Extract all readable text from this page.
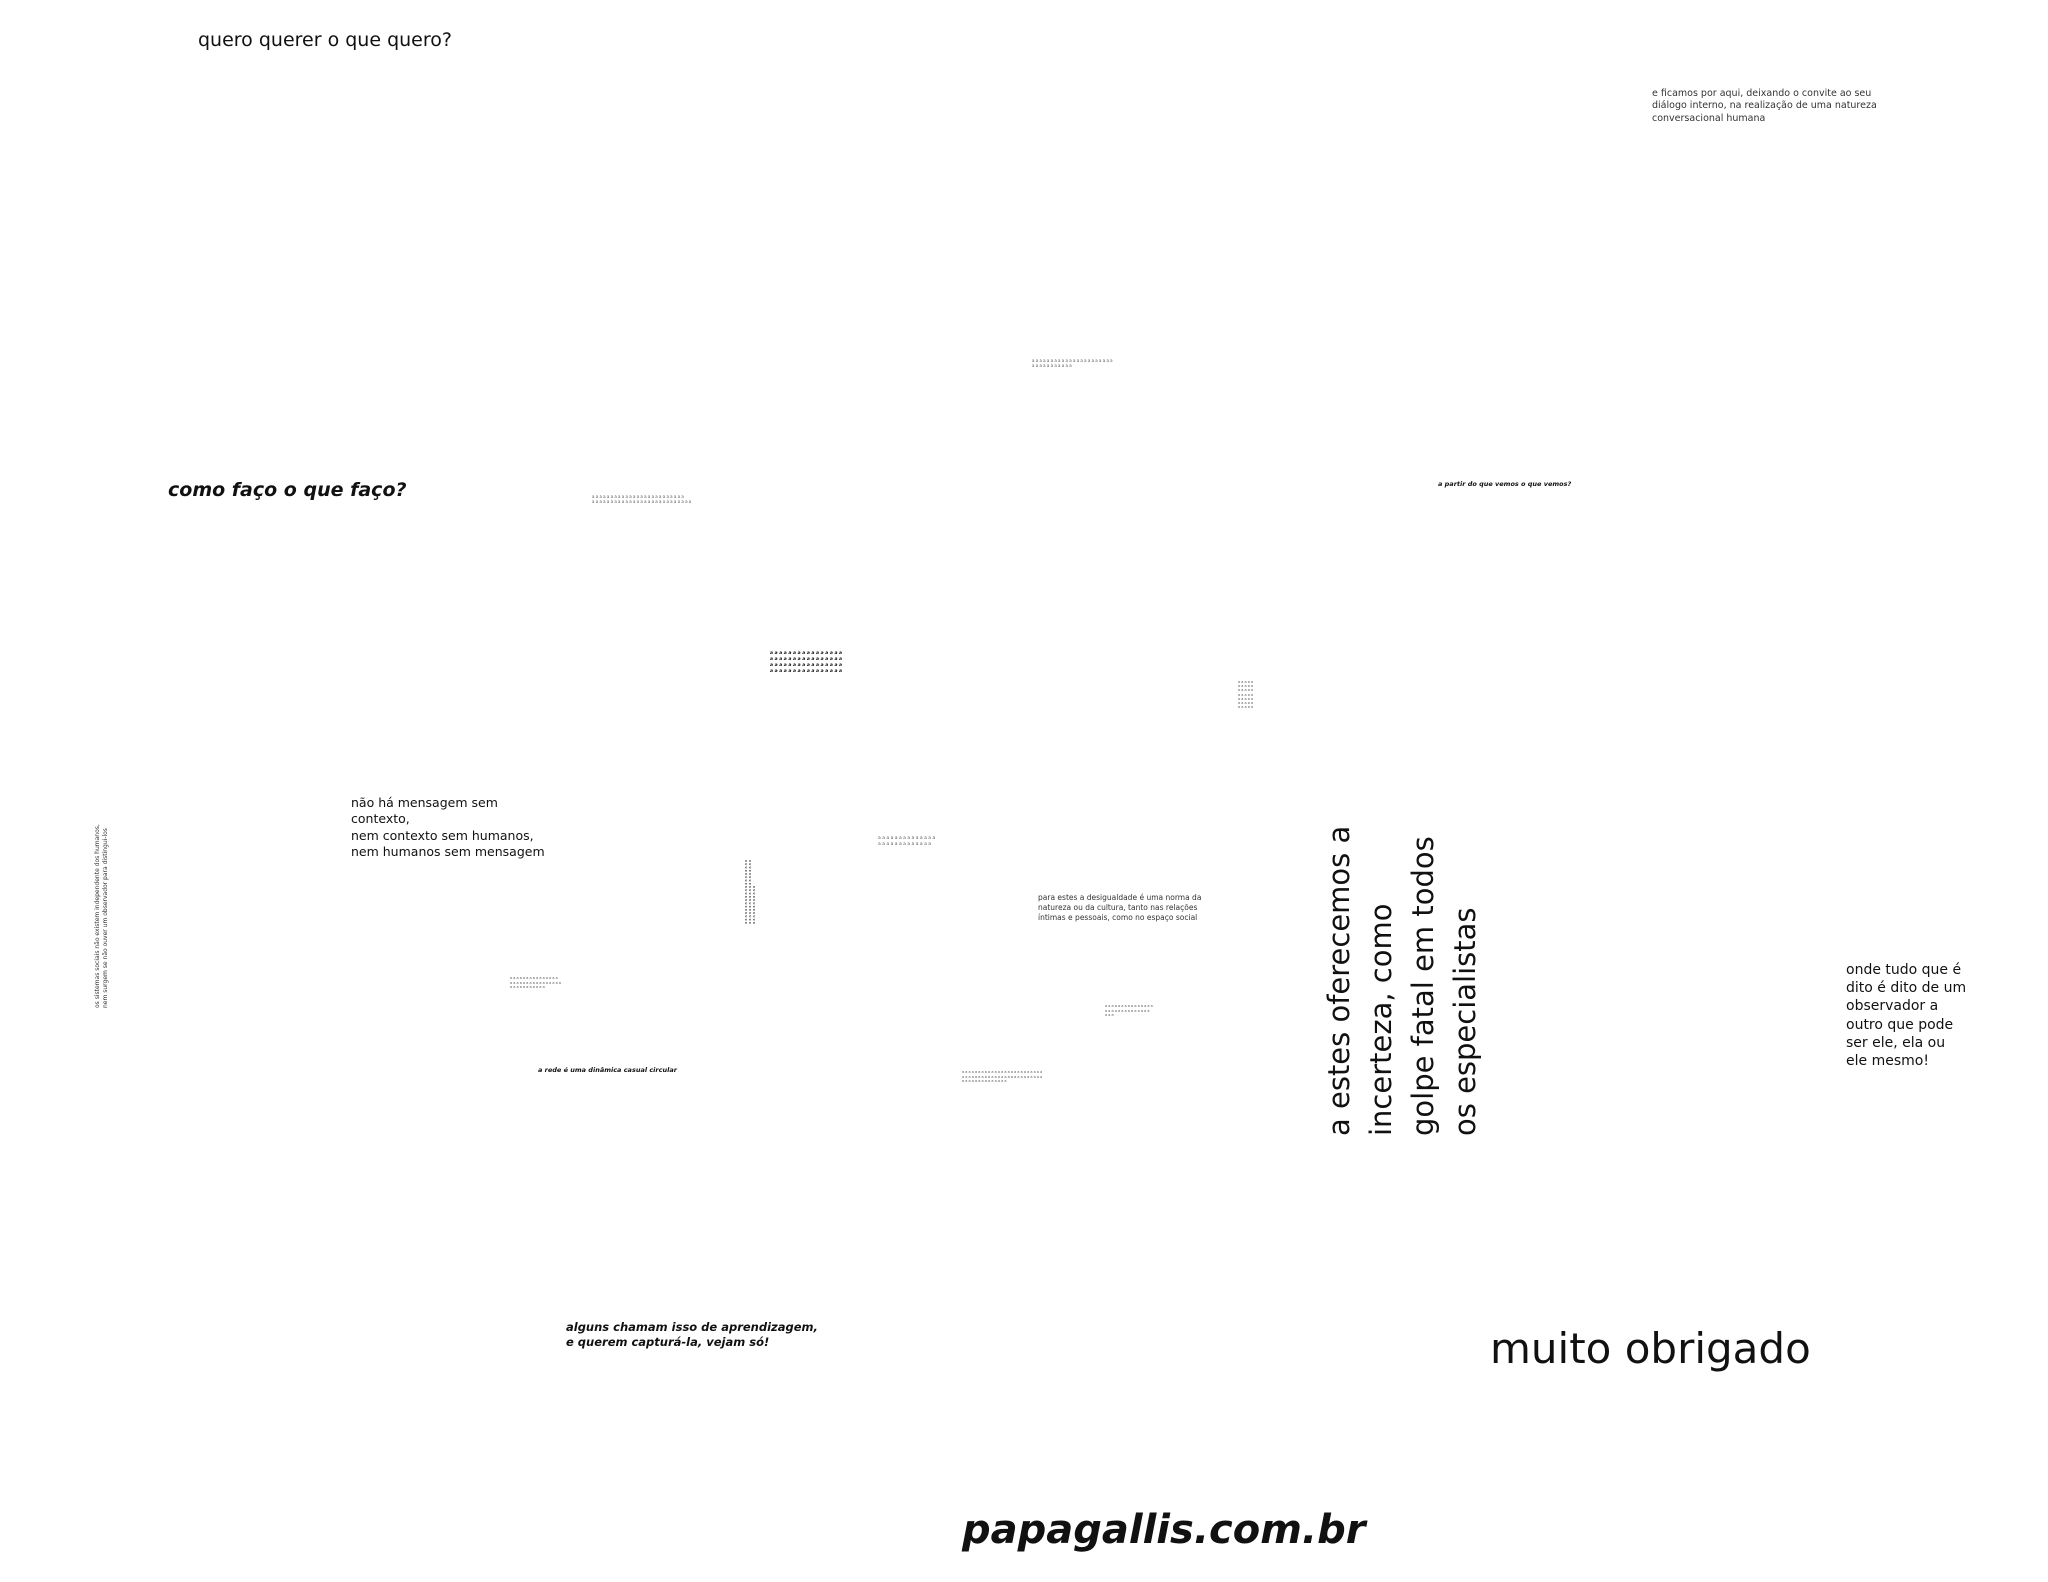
quero querer o que quero?
e ficamos por aqui, deixando o convite ao seu
diálogo interno, na realização de uma natureza
conversacional humana
a a a a a a a a a a a a a a a a a a a a a a
a a a a a a a a a a a
como faço o que faço?	a a a a a a a a a a a a a a a a a a a a a a a a a
a a a a a a a a a a a a a a a a a a a a a a a a a a a
a partir do que vemos o que vemos?
a a a a a a a a a a a a a a a a
a a a a a a a a a a a a a a a a
a a a a a a a a a a a a a a a a
a a a a a a a a a a a a a a a a
a a a a a
a a a a a
a a a a a
a a a a a
a a a a a
a a a a a
a a a a a
não há mensagem sem
contexto,
nem contexto sem humanos,
nem humanos sem mensagem
os sistemas sociais não existem independente dos humanos,
nem surgem se não ouver um observador para distingui-los
a a a a a a a a a a a a a a a a a a a a
a a a a a a a a a a a a a a a a a a a a
a a a a a a a a a a a a
a a a a a a a a a a a a a a
a a a a a a a a a a a a a
para estes a desigualdade é uma norma da
natureza ou da cultura, tanto nas relações
íntimas e pessoais, como no espaço social
a a a a a a a a a a a a a a a
a a a a a a a a a a a a a a a a
a a a a a a a a a a a
a a a a a a a a a a a a a a a
a a a a a a a a a a a a a a
a a a
a rede é uma dinâmica casual circular	a a a a a a a a a a a a a a a a a a a a a a a a a
a a a a a a a a a a a a a a a a a a a a a a a a a
a a a a a a a a a a a a a a
a estes oferecemos a
incerteza, como
golpe fatal em todos
os especialistas	onde tudo que é
dito é dito de um
observador a
outro que pode
ser ele, ela ou
ele mesmo!
alguns chamam isso de aprendizagem,
e querem capturá-la, vejam só!	muito obrigado
papagallis.com.br
